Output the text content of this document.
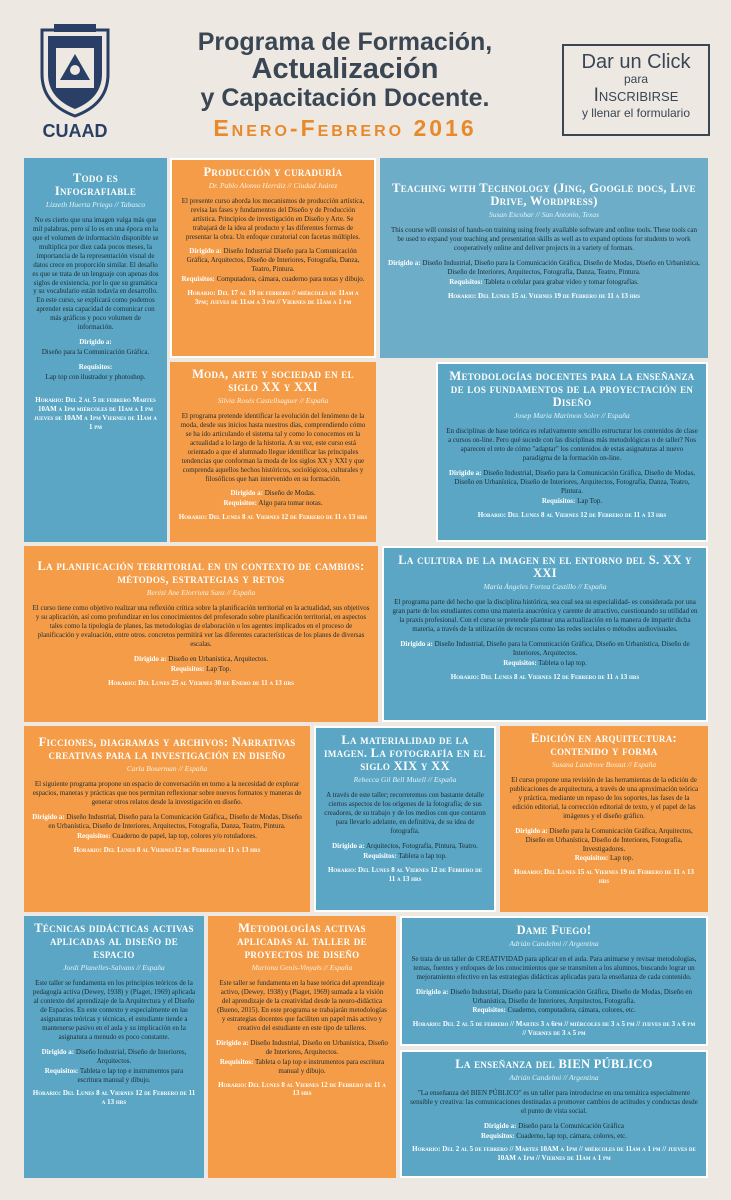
CUAAD
Programa de Formación,
Actualización
y Capacitación Docente.
Enero-Febrero 2016
Dar un Click
para
Inscribirse
y llenar el formulario
Todo es Infografiable
Lizzeth Huerta Priego // Tabasco
No es cierto que una imagen valga más que mil palabras, pero sí lo es en una época en la que el volumen de información disponible se multiplica por diez cada pocos meses, la importancia de la representación visual de datos crece en proporción similar. El desafío es que se trata de un lenguaje con apenas dos siglos de existencia, por lo que su gramática y su vocabulario están todavía en desarrollo. En este curso, se explicará como podemos aprender esta capacidad de comunicar con más gráficos y poco volumen de información.
Dirigido a:
Diseño para la Comunicación Gráfica.
Requisitos:
Lap top con ilustrador y photoshop.
Horario: Del 2 al 5 de febrero Martes 10AM a 1pm miércoles de 11am a 1 pm jueves de 10AM a 1pm Viernes de 11am a 1 pm
Producción y curaduría
Dr. Pablo Alonso Herráiz // Ciudad Juárez
El presente curso aborda los mecanismos de producción artística, revisa las fases y fundamentos del Diseño y de Producción artística. Principios de investigación en Diseño y Arte. Se trabajará de la idea al producto y las diferentes formas de presentar la obra. Un enfoque curatorial con facetas múltiples.
Dirigido a: Diseño Industrial Diseño para la Comunicación Gráfica, Arquitectos, Diseño de Interiores, Fotografía, Danza, Teatro, Pintura.
Requisitos: Computadora, cámara, cuaderno para notas y dibujo.
Horario: Del 17 al 19 de febrero // miércoles de 11am a 3pm; jueves de 11am a 3 pm // Viernes de 11am a 1 pm
Teaching with Technology (Jing, Google docs, Live Drive, Wordpress)
Susan Escobar // San Antonio, Texas
This course will consist of hands-on training using freely available software and online tools. These tools can be used to expand your teaching and presentation skills as well as to expand options for students to work cooperatively online and deliver projects in a variety of formats.
Dirigido a: Diseño Industrial, Diseño para la Comunicación Gráfica, Diseño de Modas, Diseño en Urbanística, Diseño de Interiores, Arquitectos, Fotografía, Danza, Teatro, Pintura.
Requisitos: Tableta o celular para grabar video y tomar fotografías.
Horario: Del Lunes 15 al Viernes 19 de Febrero de 11 a 13 hrs
Moda, arte y sociedad en el siglo XX y XXI
Silvia Rosés Castellsaguer // España
El programa pretende identificar la evolución del fenómeno de la moda, desde sus inicios hasta nuestros días, comprendiendo cómo se ha ido articulando el sistema tal y como lo conocemos en la actualidad a lo largo de la historia. A su vez, este curso está orientado a que el alumnado llegue identificar las principales tendencias que conforman la moda de los siglos XX y XXI y que comprenda aquellos hechos históricos, sociológicos, culturales y filosóficos que han intervenido en su formación.
Dirigido a: Diseño de Modas.
Requisitos: Algo para tomar notas.
Horario: Del Lunes 8 al Viernes 12 de Febrero de 11 a 13 hrs
Metodologías docentes para la enseñanza de los fundamentos de la proyectación en Diseño
Josep Maria Marimon Soler // España
En disciplinas de base teórica es relativamente sencillo estructurar los contenidos de clase a cursos on-line. Pero qué sucede con las disciplinas más metodológicas o de taller? Nos aparecen el reto de cómo "adaptar" los contenidos de estas asignaturas al nuevo paradigma de la formación on-line.
Dirigido a: Diseño Industrial, Diseño para la Comunicación Gráfica, Diseño de Modas, Diseño en Urbanística, Diseño de Interiores, Arquitectos, Fotografía, Danza, Teatro, Pintura.
Requisitos: Lap Top.
Horario: Del Lunes 8 al Viernes 12 de Febrero de 11 a 13 hrs
La planificación territorial en un contexto de cambios: métodos, estrategias y retos
Berézi Ane Elorrieta Sanz // España
El curso tiene como objetivo realizar una reflexión crítica sobre la planificación territorial en la actualidad, sus objetivos y su aplicación, así como profundizar en los conocimientos del profesorado sobre planificación territorial, en aspectos tales como la tipología de planes, las metodologías de elaboración o los agentes implicados en el proceso de planificación y evaluación, entre otros. concretos permitirá ver las diferentes características de los planes de diversas escalas.
Dirigido a: Diseño en Urbanística, Arquitectos.
Requisitos: Lap Top.
Horario: Del Lunes 25 al Viernes 30 de Enero de 11 a 13 hrs
La cultura de la imagen en el entorno del S. XX y XXI
María Ángeles Fortea Castillo // España
El programa parte del hecho que la disciplina histórica, sea cual sea su especialidad- es considerada por una gran parte de los estudiantes como una materia anacrónica y carente de atractivo, cuestionando su utilidad en la praxis profesional. Con el curso se pretende plantear una actualización en la manera de impartir dicha materia, a través de la utilización de recursos como las redes sociales o métodos audiovisuales.
Dirigido a: Diseño Industrial, Diseño para la Comunicación Gráfica, Diseño en Urbanística, Diseño de Interiores, Arquitectos.
Requisitos: Tableta o lap top.
Horario: Del Lunes 8 al Viernes 12 de Febrero de 11 a 13 hrs
Ficciones, diagramas y archivos: Narrativas creativas para la investigación en diseño
Carla Boserman // España
El siguiente programa propone un espacio de conversación en torno a la necesidad de explorar espacios, maneras y prácticas que nos permitan reflexionar sobre nuevos formatos y maneras de generar otros relatos desde la investigación en diseño.
Dirigido a: Diseño Industrial, Diseño para la Comunicación Gráfica,, Diseño de Modas, Diseño en Urbanística, Diseño de Interiores, Arquitectos, Fotografía, Danza, Teatro, Pintura.
Requisitos: Cuaderno de papel, lap top, colores y/o rotuladores.
Horario: Del Lunes 8 al Viernes12 de Febrero de 11 a 13 hrs
La materialidad de la imagen. La fotografía en el siglo XIX y XX
Rebecca Gil Bell Mutell // España
A través de este taller; recorreremos con bastante detalle ciertos aspectos de los orígenes de la fotografía; de sus creadores, de su trabajo y de los medios con que contaron para llevarlo adelante, en definitiva, de su idea de fotografía.
Dirigido a: Arquitectos, Fotografía, Pintura, Teatro.
Requisitos: Tableta o lap top.
Horario: Del Lunes 8 al Viernes 12 de Febrero de 11 a 13 hrs
Edición en arquitectura: contenido y forma
Susana Landrove Bossut // España
El curso propone una revisión de las herramientas de la edición de publicaciones de arquitectura, a través de una aproximación teórica y práctica, mediante un repaso de los soportes, las fases de la edición editorial, la corrección editorial de texto, y el papel de las imágenes y el diseño gráfico.
Dirigido a: Diseño para la Comunicación Gráfica, Arquitectos, Diseño en Urbanística, Diseño de Interiores, Fotografía, Investigadores.
Requisitos: Lap top.
Horario: Del Lunes 15 al Viernes 19 de Febrero de 11 a 13 hrs
Técnicas didácticas activas aplicadas al diseño de espacio
Jordi Planelles-Salvans // España
Este taller se fundamenta en los principios teóricos de la pedagogía activa (Dewey, 1938) y (Piaget, 1969) aplicada al contexto del aprendizaje de la Arquitectura y el Diseño de Espacios. En este contexto y especialmente en las asignaturas teóricas y técnicas, el estudiante tiende a mantenerse pasivo en el aula y su implicación en la asignatura a menudo es poco constante.
Dirigido a: Diseño Industrial, Diseño de Interiores, Arquitectos.
Requisitos: Tableta o lap top e instrumentos para escritura manual y dibujo.
Horario: Del Lunes 8 al Viernes 12 de Febrero de 11 a 13 hrs
Metodologías activas aplicadas al taller de proyectos de diseño
Mariona Genís-Vinyals // España
Este taller se fundamenta en la base teórica del aprendizaje activo, (Dewey, 1938) y (Piaget, 1969) sumada a la visión del aprendizaje de la creatividad desde la neuro-didáctica (Bueno, 2015). En este programa se trabajarán metodologías y estrategias docentes que faciliten un papel más activo y creativo del estudiante en este tipo de talleres.
Dirigido a: Diseño Industrial, Diseño en Urbanística, Diseño de Interiores, Arquitectos.
Requisitos: Tableta o lap top e instrumentos para escritura manual y dibujo.
Horario: Del Lunes 8 al Viernes 12 de Febrero de 11 a 13 hrs
Dame Fuego!
Adrián Candelmi // Argentina
Se trata de un taller de CREATIVIDAD para aplicar en el aula. Para animarse y revisar metodologías, temas, fuentes y enfoques de los conocimientos que se transmiten a los alumnos, buscando lograr un mejoramiento efectivo en las estrategias didácticas aplicadas para la enseñanza de cada contenido.
Dirigido a: Diseño Industrial, Diseño para la Comunicación Gráfica, Diseño de Modas, Diseño en Urbanística, Diseño de Interiores, Arquitectos, Fotografía.
Requisitos: Cuaderno, computadora, cámara, colores, etc.
Horario: Del 2 al 5 de febrero // Martes 3 a 6pm // miércoles de 3 a 5 pm // jueves de 3 a 6 pm // Viernes de 3 a 5 pm
La enseñanza del BIEN PÚBLICO
Adrián Candelmi // Argentina
"La enseñanza del BIEN PÚBLICO" es un taller para introducirse en una temática especialmente sensible y creativa: las comunicaciones destinadas a promover cambios de actitudes y conductas desde el punto de vista social.
Dirigido a: Diseño para la Comunicación Gráfica
Requisitos: Cuaderno, lap top, cámara, colores, etc.
Horario: Del 2 al 5 de febrero // Martes 10AM a 1pm // miércoles de 11am a 1 pm // jueves de 10AM a 1pm // Viernes de 11am a 1 pm
